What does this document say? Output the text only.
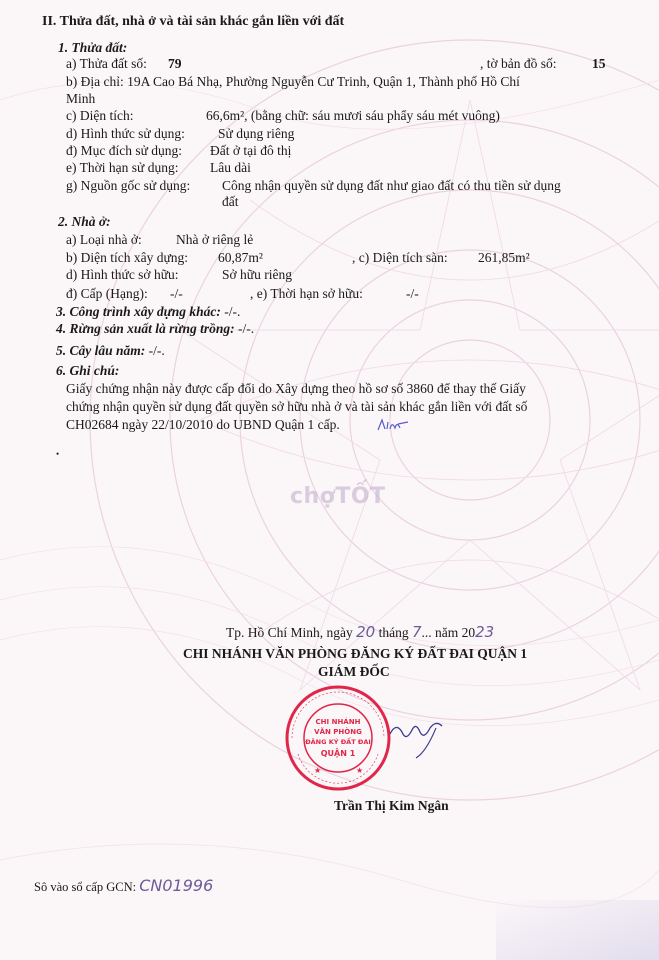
II. Thửa đất, nhà ở và tài sản khác gắn liền với đất
1. Thửa đất:
a) Thửa đất số: 79	, tờ bản đồ số:	15
b) Địa chỉ: 19A Cao Bá Nhạ, Phường Nguyễn Cư Trinh, Quận 1, Thành phố Hồ Chí
Minh
c) Diện tích:	66,6m², (bằng chữ: sáu mươi sáu phẩy sáu mét vuông)
d) Hình thức sử dụng: Sử dụng riêng
đ) Mục đích sử dụng: Đất ở tại đô thị
e) Thời hạn sử dụng: Lâu dài
g) Nguồn gốc sử dụng: Công nhận quyền sử dụng đất như giao đất có thu tiền sử dụng
đất
2. Nhà ở:
a) Loại nhà ở:	Nhà ở riêng lẻ
b) Diện tích xây dựng: 60,87m²	, c) Diện tích sàn: 261,85m²
d) Hình thức sở hữu:	Sở hữu riêng
đ) Cấp (Hạng): -/-	, e) Thời hạn sở hữu:	-/-
3. Công trình xây dựng khác: -/-.
4. Rừng sản xuất là rừng trồng: -/-.
5. Cây lâu năm: -/-.
6. Ghi chú:
Giấy chứng nhận này được cấp đổi do Xây dựng theo hồ sơ số 3860 để thay thế Giấy
chứng nhận quyền sử dụng đất quyền sở hữu nhà ở và tài sản khác gắn liền với đất số
CH02684 ngày 22/10/2010 do UBND Quận 1 cấp.
•
chợTỐT
Tp. Hồ Chí Minh, ngày 20 tháng 7... năm 2023
CHI NHÁNH VĂN PHÒNG ĐĂNG KÝ ĐẤT ĐAI QUẬN 1
GIÁM ĐỐC
CHI NHÁNH
VĂN PHÒNG
ĐĂNG KÝ ĐẤT ĐAI
QUẬN 1
★	★
Trần Thị Kim Ngân
Sô vào sổ cấp GCN: CN01996
